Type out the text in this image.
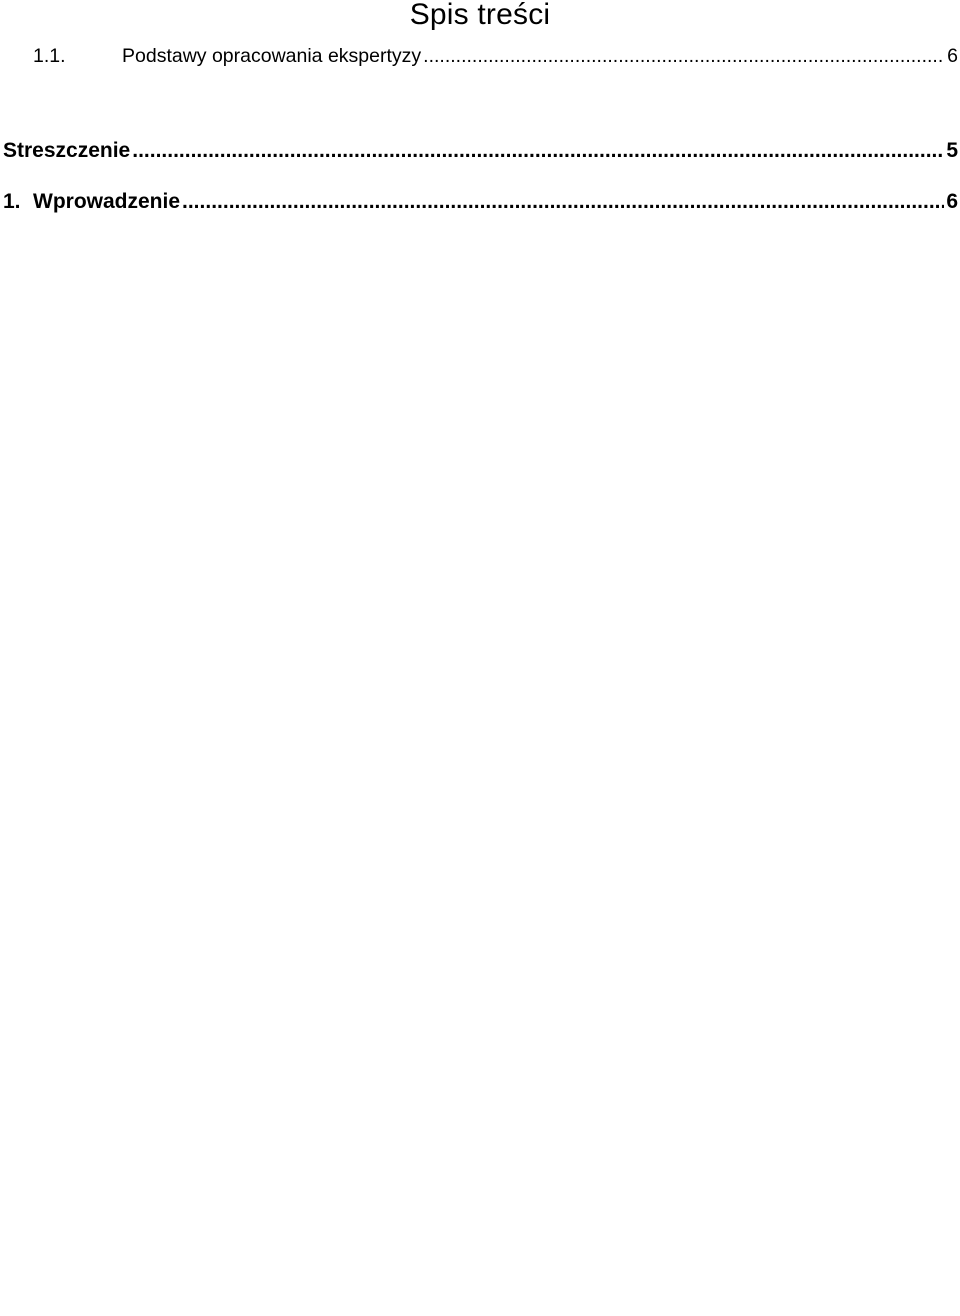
Spis treści
Streszczenie .....	5
1. Wprowadzenie .....	6
1.1.	Podstawy opracowania ekspertyzy .....	6
